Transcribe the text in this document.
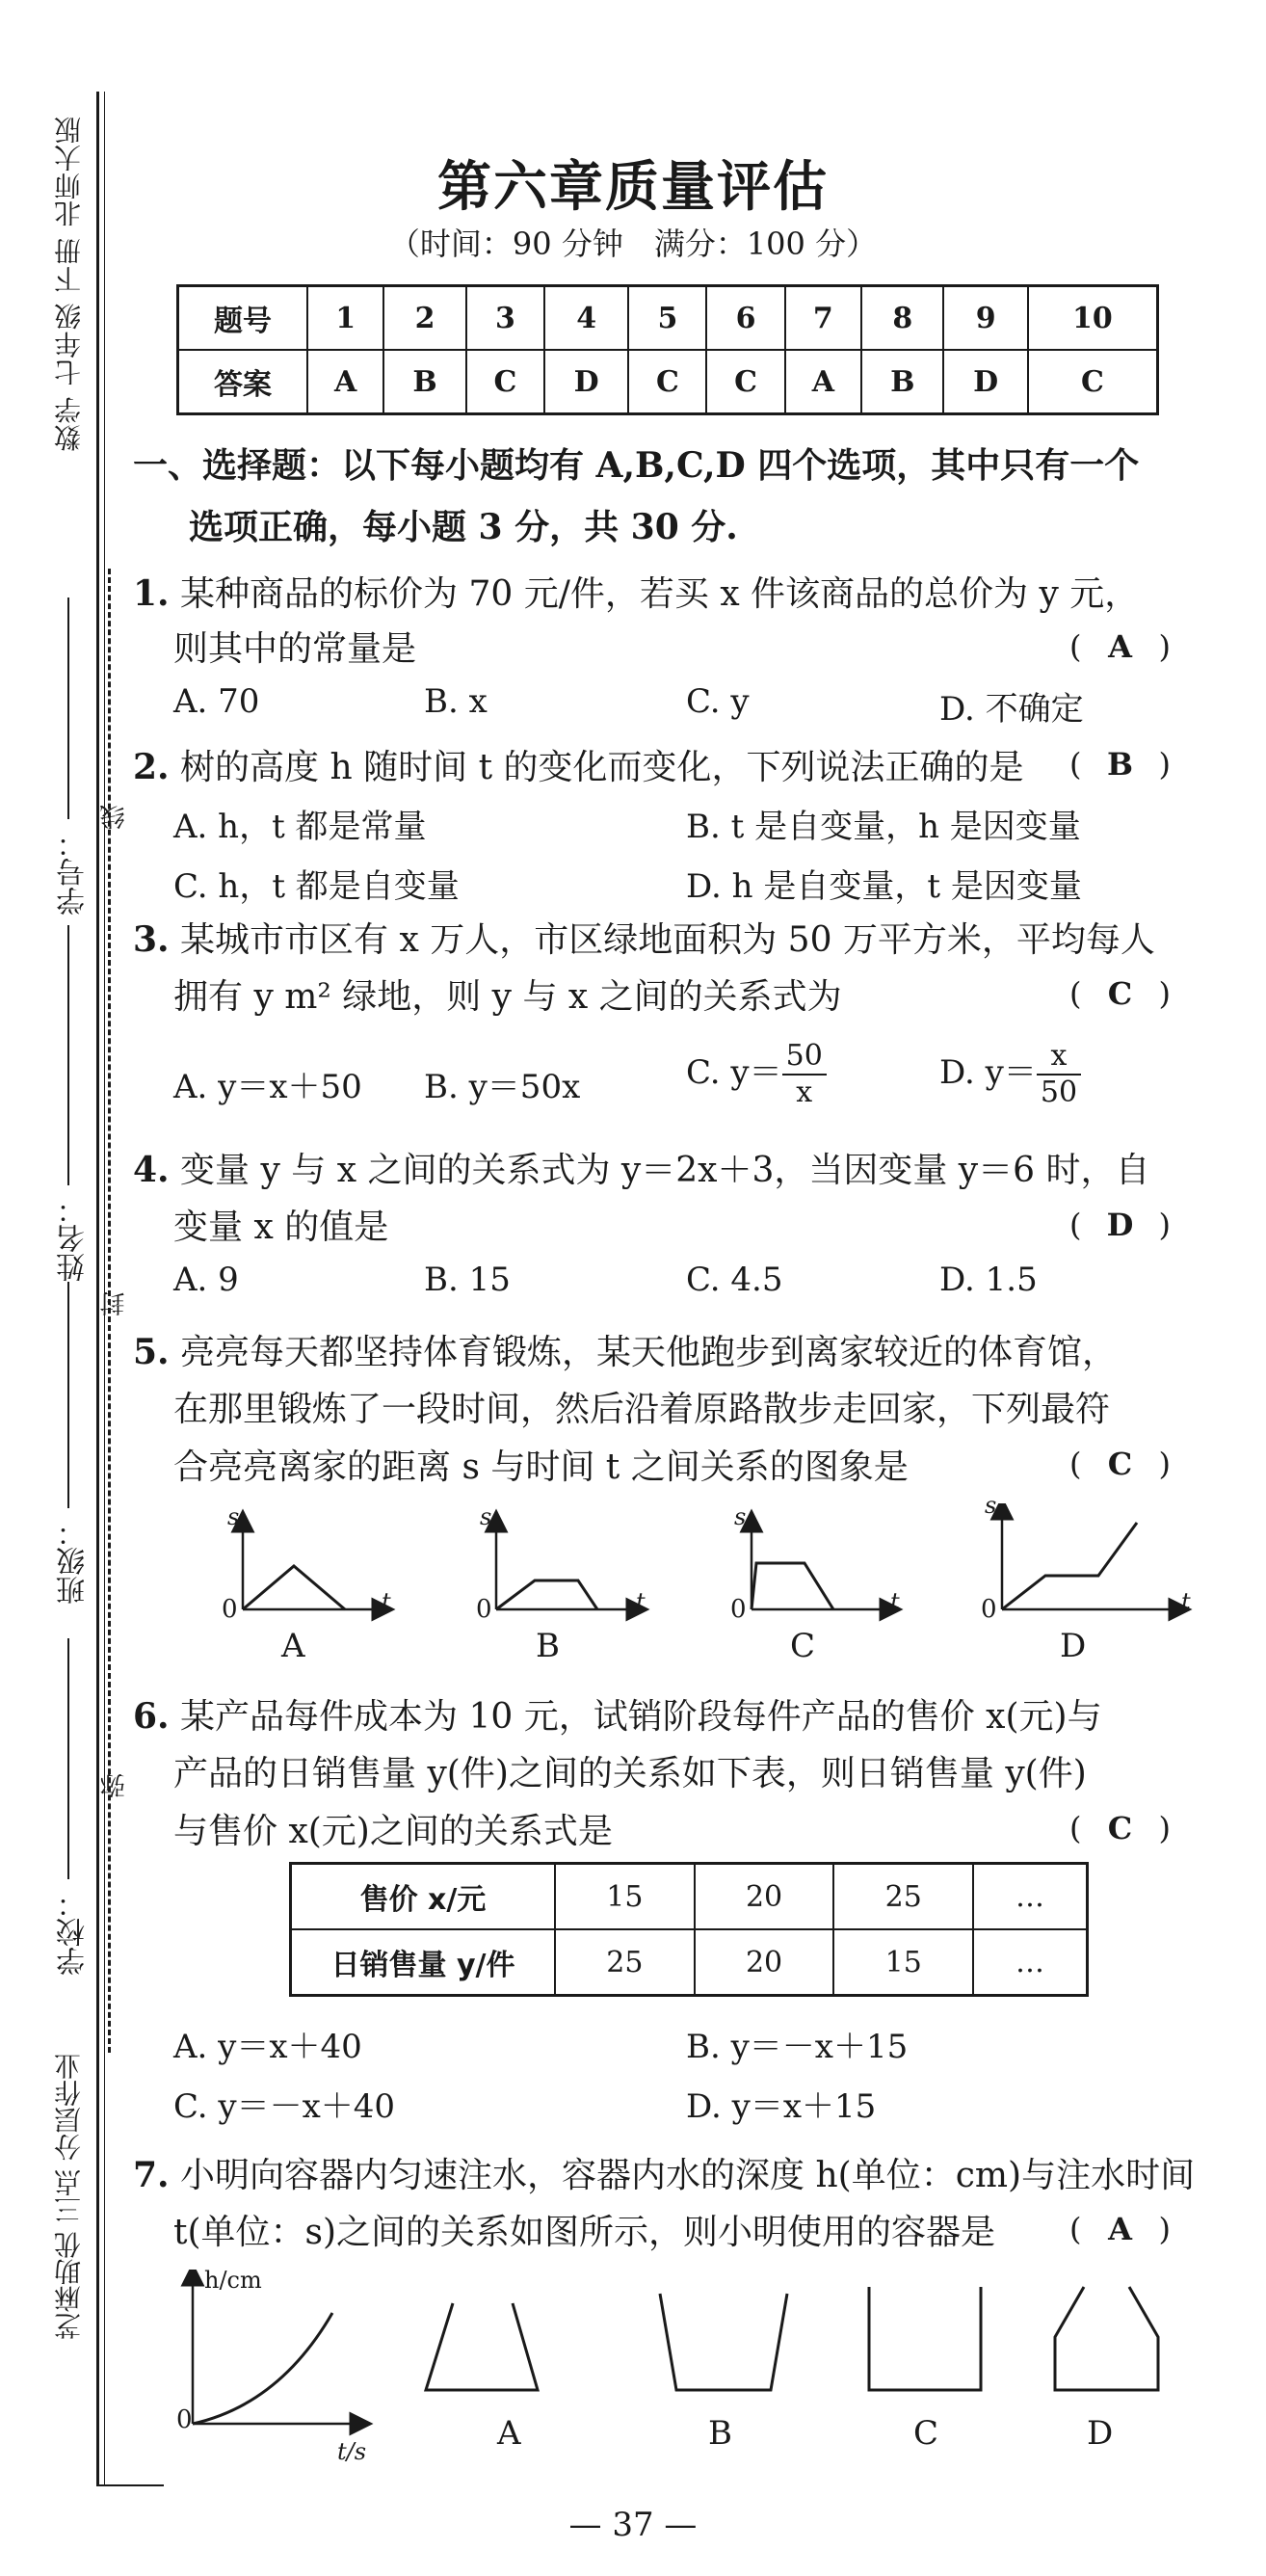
数学 七年级 下册 北师大版
学号：
线
姓名：
封
班级：
弥
学校：
芝麻助优 三点 分层作业
第六章质量评估
（时间：90 分钟　满分：100 分）
题号	1	2	3	4	5	6	7	8	9	10
答案	A	B	C	D	C	C	A	B	D	C
一、选择题：以下每小题均有 A,B,C,D 四个选项，其中只有一个
选项正确，每小题 3 分，共 30 分.
1. 某种商品的标价为 70 元/件，若买 x 件该商品的总价为 y 元，
则其中的常量是	( A )
A. 70	B. x	C. y	D. 不确定
2. 树的高度 h 随时间 t 的变化而变化，下列说法正确的是 ( B )
A. h，t 都是常量	B. t 是自变量，h 是因变量
C. h，t 都是自变量	D. h 是自变量，t 是因变量
3. 某城市市区有 x 万人，市区绿地面积为 50 万平方米，平均每人
拥有 y m² 绿地，则 y 与 x 之间的关系式为	( C )
A. y＝x＋50 B. y＝50x	C. $y= \frac{50}{x}$	D. $y= \frac{x}{50}$
4. 变量 y 与 x 之间的关系式为 y＝2x＋3，当因变量 y＝6 时，自
变量 x 的值是	( D )
A. 9	B. 15	C. 4.5	D. 1.5
5. 亮亮每天都坚持体育锻炼，某天他跑步到离家较近的体育馆，
在那里锻炼了一段时间，然后沿着原路散步走回家，下列最符
合亮亮离家的距离 s 与时间 t 之间关系的图象是	( C )
s
0	t
s
0	t
s
0	t
s
0	t
A	B	C	D
6. 某产品每件成本为 10 元，试销阶段每件产品的售价 x(元)与
产品的日销售量 y(件)之间的关系如下表，则日销售量 y(件)
与售价 x(元)之间的关系式是	( C )
售价 x/元	15	20	25	…
日销售量 y/件	25	20	15	…
A. y＝x＋40	B. y＝－x＋15
C. y＝－x＋40	D. y＝x＋15
7. 小明向容器内匀速注水，容器内水的深度 h(单位：cm)与注水时间
t(单位：s)之间的关系如图所示，则小明使用的容器是 ( A )
h/cm
0
t/s	A	B	C	D
— 37 —
